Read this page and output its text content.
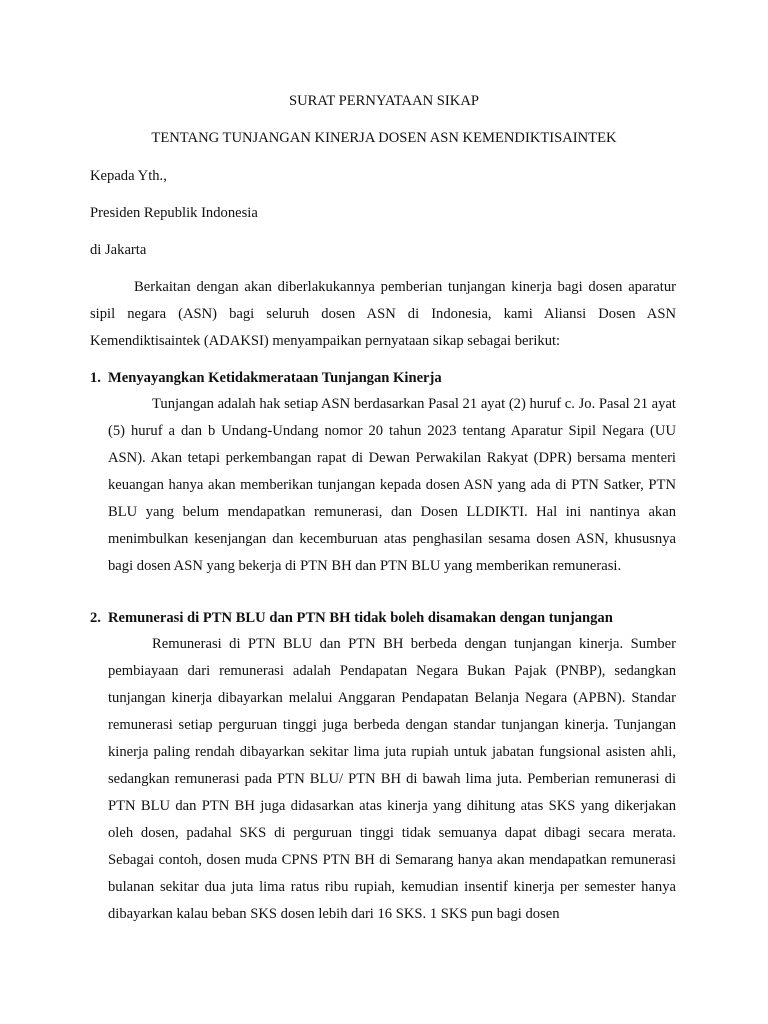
SURAT PERNYATAAN SIKAP
TENTANG TUNJANGAN KINERJA DOSEN ASN KEMENDIKTISAINTEK
Kepada Yth.,
Presiden Republik Indonesia
di Jakarta

Berkaitan dengan akan diberlakukannya pemberian tunjangan kinerja bagi dosen aparatur sipil negara (ASN) bagi seluruh dosen ASN di Indonesia, kami Aliansi Dosen ASN Kemendiktisaintek (ADAKSI) menyampaikan pernyataan sikap sebagai berikut:

1. Menyayangkan Ketidakmerataan Tunjangan Kinerja

Tunjangan adalah hak setiap ASN berdasarkan Pasal 21 ayat (2) huruf c. Jo. Pasal 21 ayat (5) huruf a dan b Undang-Undang nomor 20 tahun 2023 tentang Aparatur Sipil Negara (UU ASN). Akan tetapi perkembangan rapat di Dewan Perwakilan Rakyat (DPR) bersama menteri keuangan hanya akan memberikan tunjangan kepada dosen ASN yang ada di PTN Satker, PTN BLU yang belum mendapatkan remunerasi, dan Dosen LLDIKTI. Hal ini nantinya akan menimbulkan kesenjangan dan kecemburuan atas penghasilan sesama dosen ASN, khususnya bagi dosen ASN yang bekerja di PTN BH dan PTN BLU yang memberikan remunerasi.

2. Remunerasi di PTN BLU dan PTN BH tidak boleh disamakan dengan tunjangan

Remunerasi di PTN BLU dan PTN BH berbeda dengan tunjangan kinerja. Sumber pembiayaan dari remunerasi adalah Pendapatan Negara Bukan Pajak (PNBP), sedangkan tunjangan kinerja dibayarkan melalui Anggaran Pendapatan Belanja Negara (APBN). Standar remunerasi setiap perguruan tinggi juga berbeda dengan standar tunjangan kinerja. Tunjangan kinerja paling rendah dibayarkan sekitar lima juta rupiah untuk jabatan fungsional asisten ahli, sedangkan remunerasi pada PTN BLU/ PTN BH di bawah lima juta. Pemberian remunerasi di PTN BLU dan PTN BH juga didasarkan atas kinerja yang dihitung atas SKS yang dikerjakan oleh dosen, padahal SKS di perguruan tinggi tidak semuanya dapat dibagi secara merata. Sebagai contoh, dosen muda CPNS PTN BH di Semarang hanya akan mendapatkan remunerasi bulanan sekitar dua juta lima ratus ribu rupiah, kemudian insentif kinerja per semester hanya dibayarkan kalau beban SKS dosen lebih dari 16 SKS. 1 SKS pun bagi dosen
